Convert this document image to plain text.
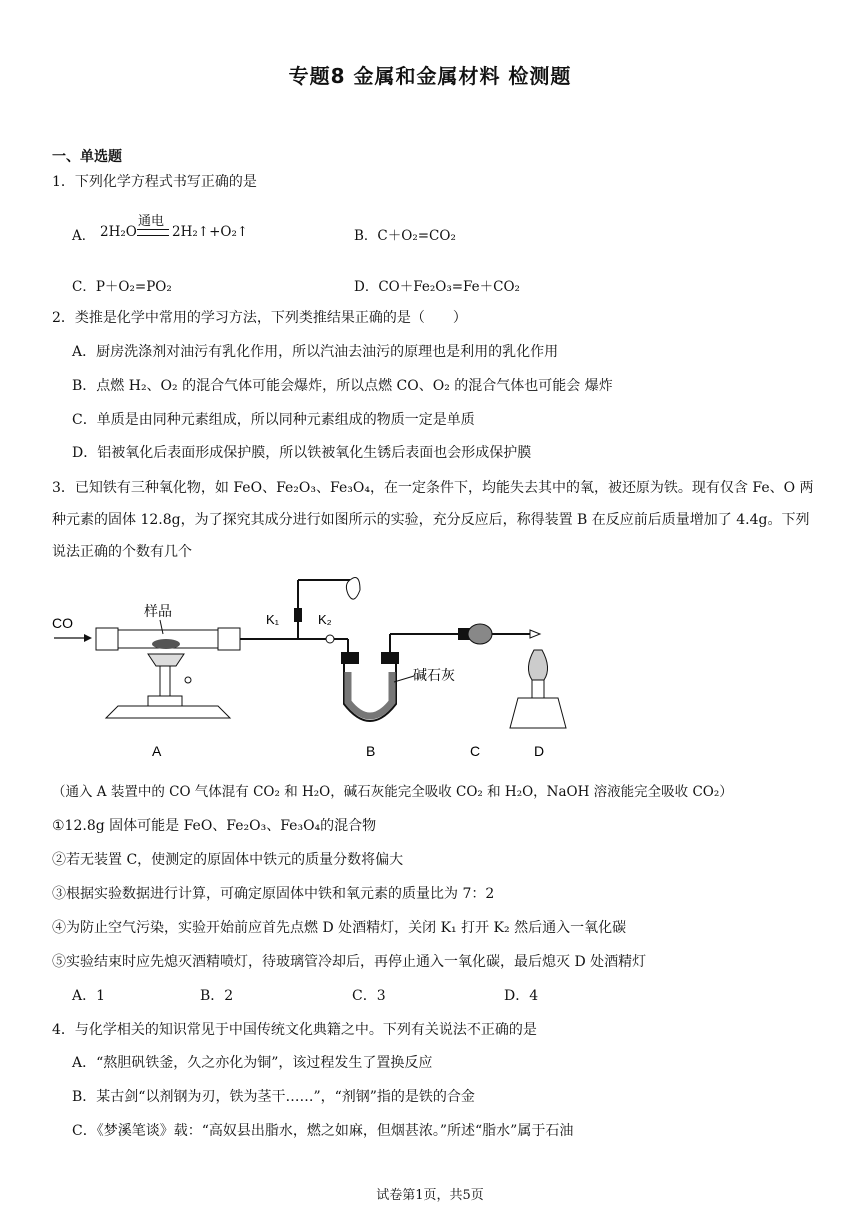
专题8 金属和金属材料 检测题
一、单选题
1．下列化学方程式书写正确的是
A． 2H₂O
通电
2H₂↑+O₂↑	B．C＋O₂=CO₂
C．P＋O₂=PO₂	D．CO＋Fe₂O₃=Fe＋CO₂
2．类推是化学中常用的学习方法，下列类推结果正确的是（　　）
A．厨房洗涤剂对油污有乳化作用，所以汽油去油污的原理也是利用的乳化作用
B．点燃 H₂、O₂ 的混合气体可能会爆炸，所以点燃 CO、O₂ 的混合气体也可能会 爆炸
C．单质是由同种元素组成，所以同种元素组成的物质一定是单质
D．铝被氧化后表面形成保护膜，所以铁被氧化生锈后表面也会形成保护膜
3．已知铁有三种氧化物，如 FeO、Fe₂O₃、Fe₃O₄，在一定条件下，均能失去其中的氧，被还原为铁。现有仅含 Fe、O 两种元素的固体 12.8g，为了探究其成分进行如图所示的实验，充分反应后，称得装置 B 在反应前后质量增加了 4.4g。下列说法正确的个数有几个
CO
样品
K₁	K₂
碱石灰
A	B	C	D
（通入 A 装置中的 CO 气体混有 CO₂ 和 H₂O，碱石灰能完全吸收 CO₂ 和 H₂O，NaOH 溶液能完全吸收 CO₂）
①12.8g 固体可能是 FeO、Fe₂O₃、Fe₃O₄的混合物
②若无装置 C，使测定的原固体中铁元的质量分数将偏大
③根据实验数据进行计算，可确定原固体中铁和氧元素的质量比为 7：2
④为防止空气污染，实验开始前应首先点燃 D 处酒精灯，关闭 K₁ 打开 K₂ 然后通入一氧化碳
⑤实验结束时应先熄灭酒精喷灯，待玻璃管冷却后，再停止通入一氧化碳，最后熄灭 D 处酒精灯
A．1	B．2	C．3	D．4
4．与化学相关的知识常见于中国传统文化典籍之中。下列有关说法不正确的是
A．“熬胆矾铁釜，久之亦化为铜”，该过程发生了置换反应
B．某古剑“以剂钢为刃，铁为茎干……”，“剂钢”指的是铁的合金
C．《梦溪笔谈》载：“高奴县出脂水，燃之如麻，但烟甚浓。”所述“脂水”属于石油
试卷第1页，共5页
